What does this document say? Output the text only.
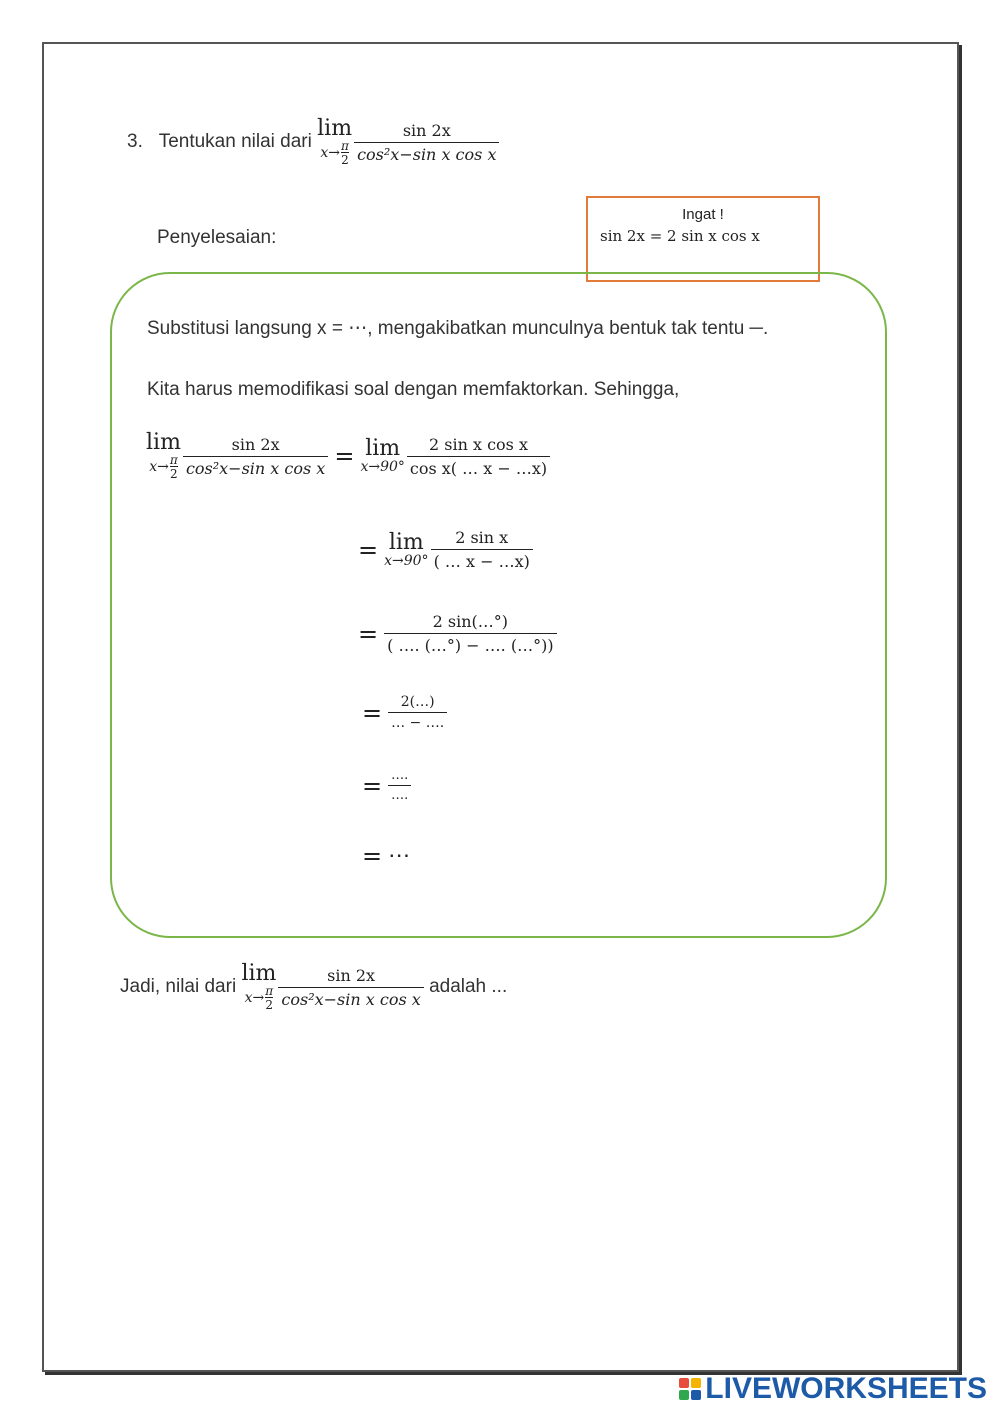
3. Tentukan nilai dari
lim
x→ π
$2 \frac{\sin 2x}{\text{cos²x−sin x cos x}}$
Penyelesaian:
Ingat !
sin 2x = 2 sin x cos x
Substitusi langsung x = ⋯, mengakibatkan munculnya bentuk tak tentu ─.
Kita harus memodifikasi soal dengan memfaktorkan. Sehingga,
lim
x→ π
$2 \frac{\sin 2x}{\text{cos²x−sin x cos x}} = \lim$
$x\to 90^\circ \frac{\text{2 sin x cos x}}{\text{cos x( … x − …x)}}$
= lim
$x\to 90^\circ \frac{\text{2 sin x}}{( \dots x - \dots x)}$
= $\frac{2 \sin(\dots^\circ)}{( \dots. (\dots^\circ) - \dots. (\dots^\circ))}$
= $\frac{2(\dots)}{\dots - \dots.}$
= $\frac{\dots.}{\dots.}$
= ⋯
Jadi, nilai dari
lim
x→ π
$2 \frac{\sin 2x}{\text{cos²x−sin x cos x}}$ adalah ...
LIVEWORKSHEETS
